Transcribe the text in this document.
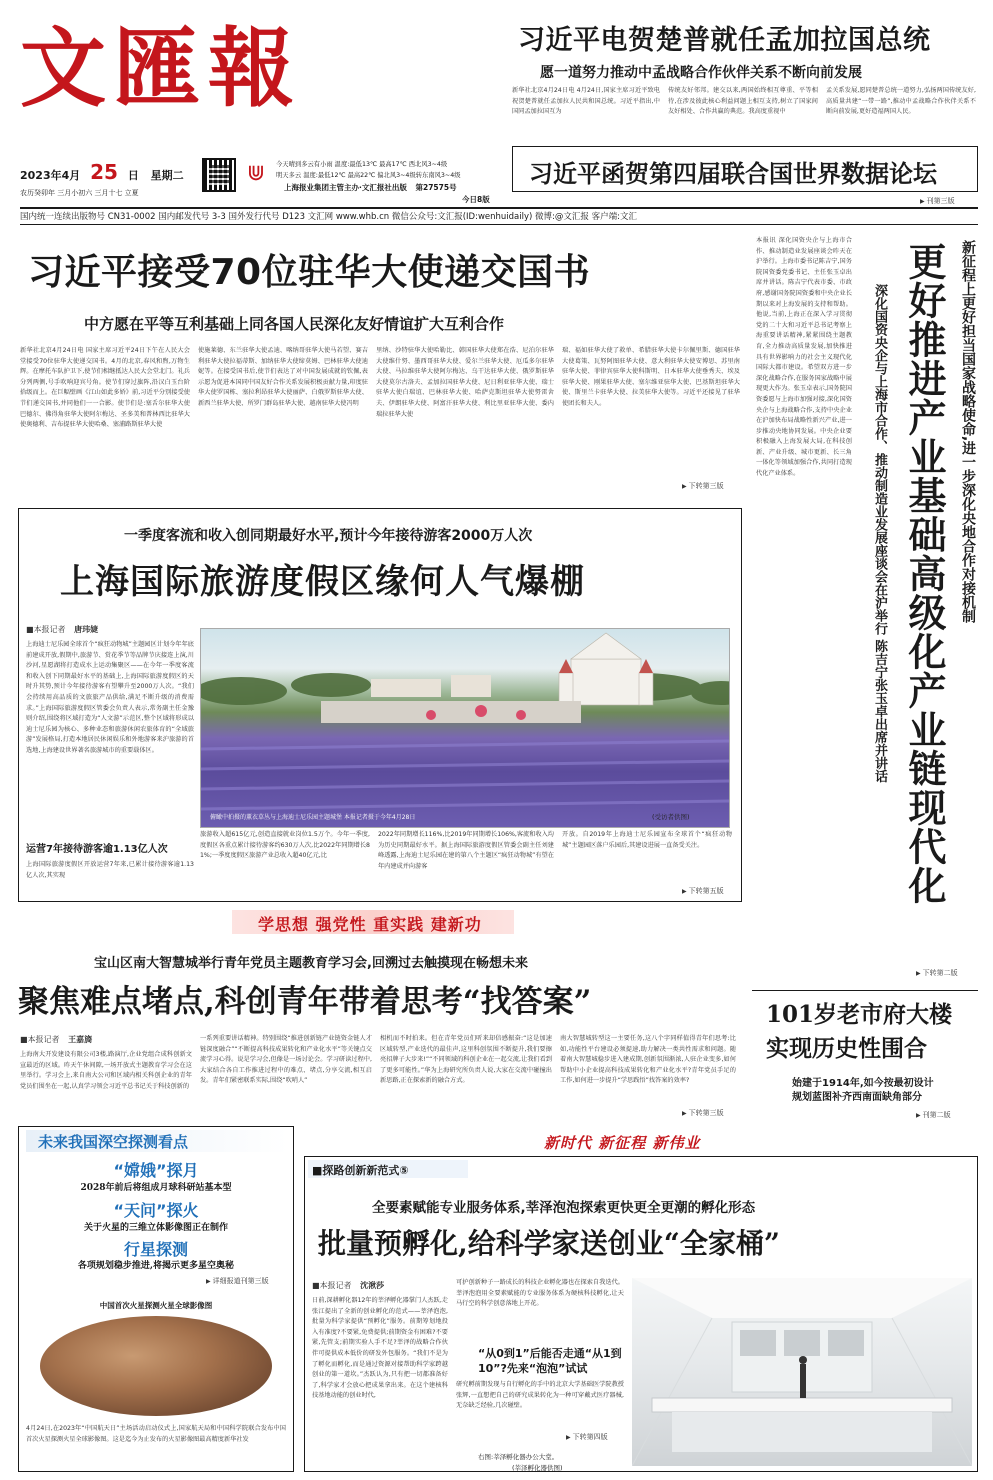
文匯報
2023年4月 25 日 星期二
农历癸卯年 三月小初六 三月十七 立夏
⋓	今天晴到多云有小雨 温度:最低13℃ 最高17℃ 西北风3~4级
明天多云 温度:最低12℃ 最高22℃ 偏北风3~4级转东南风3~4级
上海报业集团主管主办·文汇报社出版 第27575号
今日8版
习近平电贺楚普就任孟加拉国总统
愿一道努力推动中孟战略合作伙伴关系不断向前发展
新华社北京4月24日电 4月24日,国家主席习近平致电祝贺楚普就任孟加拉人民共和国总统。习近平指出,中国同孟加拉国互为
传统友好邻邦。建交以来,两国始终相互尊重、平等相待,在涉及彼此核心利益问题上相互支持,树立了国家间友好相处、合作共赢的典范。我高度重视中
孟关系发展,愿同楚普总统一道努力,弘扬两国传统友好,高质量共建“一带一路”,推动中孟战略合作伙伴关系不断向前发展,更好造福两国人民。
习近平函贺第四届联合国世界数据论坛
▶ 刊第三版
国内统一连续出版物号 CN31-0002 国内邮发代号 3-3 国外发行代号 D123 文汇网 www.whb.cn 微信公众号:文汇报(ID:wenhuidaily) 微博:@文汇报 客户端:文汇
习近平接受70位驻华大使递交国书
中方愿在平等互利基础上同各国人民深化友好情谊扩大互利合作
新华社北京4月24日电 国家主席习近平24日下午在人民大会堂接受70位驻华大使递交国书。4月的北京,春风和煦,万物生辉。在摩托车队护卫下,使节们相继抵达人民大会堂北门。礼兵分列两侧,号手吹响迎宾号角。使节们穿过旗阵,沿汉白玉台阶拾级而上。在巨幅壁画《江山如此多娇》前,习近平分别接受使节们递交国书,并同他们一一合影。使节们是:塞舌尔驻华大使巴德尔、佛得角驻华大使阿尔梅达、圣多美和普林西比驻华大使奥德利、吉布提驻华大使哈桑、塞浦路斯驻华大使
使施莱德、东兰驻华大使孟迪、喀纳哥驻华大使马若望、赛吉利驻华大使拉福蒂斯、加纳驻华大使缔莫姆、巴林驻华大使迪妮等。在接受国书后,使节们表达了对中国发展成就的钦佩,表示愿为促进本国同中国友好合作关系发展积极贡献力量,印度驻华大使罗国栋、塞拉利昂驻华大使丽萨、白俄罗斯驻华大使、新西兰驻华大使、所罗门群岛驻华大使、越南驻华大使冯明
里纳、沙特驻华大使哈勒比、韩国驻华大使郑在浩、尼泊尔驻华大使维什努、墨西哥驻华大使、爱尔兰驻华大使、厄瓜多尔驻华大使、马拉维驻华大使阿尔梅达、乌干达驻华大使、俄罗斯驻华大使莫尔古洛夫、孟加拉国驻华大使、尼日利亚驻华大使、瑞士驻华大使白瑞谊、巴林驻华大使、哈萨克斯坦驻华大使努雷舍夫、伊朗驻华大使、阿富汗驻华大使、利比里亚驻华大使、委内瑞拉驻华大使
瑞、福如驻华大使了救单、希腊驻华大使卡尔佩里斯、德国驻华大使葛策、瓦努阿图驻华大使、意大利驻华大使安博思、苏里南驻华大使、菲律宾驻华大使科斯明、日本驻华大使垂秀夫、埃及驻华大使、刚果驻华大使、塞尔维亚驻华大使、巴基斯坦驻华大使、斯里兰卡驻华大使、拉美驻华大使等。习近平还接见了驻华使团长和夫人。
▶ 下转第三版
一季度客流和收入创同期最好水平,预计今年接待游客2000万人次
上海国际旅游度假区缘何人气爆棚
■本报记者 唐玮婕
上海迪士尼乐园全球首个“疯狂动物城”主题园区计划今年年底前建成开放,假期中,旅游节、赏花季节等品牌节庆接连上演,川沙河,星愿湖将打造成水上运动集聚区——在今年一季度客流和收入创下同期最好水平的基础上,上海国际旅游度假区的天时升其势,预计今年接待游客有望攀升至2000万人次。“我们会持续用高品质的文旅旅产品供给,满足不断升级的消费需求。”上海国际旅游度假区管委会负责人表示,常务副主任金豫则介绍,围绕将区域打造为“人文游”示范区,整个区域将形成以迪士尼乐园为核心、多种业态和旅游休闲农旅体育的“全域旅游”发展格局,打造本地居民休闲娱乐和外地游客来沪旅游的首选地,上海建设世界著名旅游城市的重要载体区。
运营7年接待游客逾1.13亿人次
上海国际旅游度假区开放运营7年来,已累计接待游客逾1.13亿人次,其实现
俯瞰中拍摄的薰衣草丛与上海迪士尼乐园主题城堡 本报记者摄于今年4月28日	(受访者供图)
旅游收入超615亿元,创造直接就业岗位1.5万个。今年一季度,度假区各重点累计接待游客约630万人次,比2022年同期增长81%;一季度度假区旅游产业总收入超40亿元,比
2022年同期增长116%,比2019年同期增长106%,客流和收入均为历史同期最好水平。据上海国际旅游度假区管委会副主任刘建峰透露,上海迪士尼乐园在建的第八个主题区“疯狂动物城”有望在年内建成并向游客
开放。自2019年上海迪士尼乐园宣布全球首个“疯狂动物城”主题园区落户乐园后,其建设进展一直备受关注。
▶ 下转第五版
本报讯 深化国资央企与上海市合作、推动制造业发展座谈会昨天在沪举行。上海市委书记陈吉宁,国务院国资委党委书记、主任张玉卓出席并讲话。陈吉宁代表市委、市政府,感谢国务院国资委和中央企业长期以来对上海发展的支持和帮助。他说,当前,上海正在深入学习贯彻党的二十大和习近平总书记考察上海重要讲话精神,紧紧围绕主题教育,全力推动高质量发展,加快推进具有世界影响力的社会主义现代化国际大都市建设。希望双方进一步深化战略合作,在服务国家战略中展现更大作为。张玉卓表示,国务院国资委愿与上海市加强对接,深化国资央企与上海战略合作,支持中央企业在沪加快布局战略性新兴产业,进一步推动央地协同发展。中央企业要积极融入上海发展大局,在科技创新、产业升级、城市更新、长三角一体化等领域加强合作,共同打造现代化产业体系。	新征程上更好担当国家战略使命,进一步深化央地合作对接机制
更好推进产业基础高级化产业链现代化
深化国资央企与上海市合作、推动制造业发展座谈会在沪举行 陈吉宁张玉卓出席并讲话
▶ 下转第二版
学思想 强党性 重实践 建新功
宝山区南大智慧城举行青年党员主题教育学习会,回溯过去触摸现在畅想未来
聚焦难点堵点,科创青年带着思考“找答案”
■本报记者 王嘉旖
上海南大开发建设有限公司3楼,路演厅,企业党组合成科创新文宣最近的区域。昨天午休间隙,一场开放式主题教育学习会在这里举行。学习会上,来自南大公司和区域内相关科创企业的青年党员们围坐在一起,认真学习领会习近平总书记关于科技创新的
一系列重要讲话精神。特别围绕“推进创新链产业链资金链人才链深度融合”“不断提高科技成果转化和产业化水平”等关键点交流学习心得。说是学习会,但像是一场讨论会。学习研读过程中,大家结合各自工作推进过程中的难点、堵点,分享交流,相互启发。青年们紧密联系实际,围绕“吹哨人”
相机而不时拍来。但在青年党员们听来却倍感振奋:“这是加速区域转型,产业迭代的最佳声,这里科创氛围不断提升,我们要擦亮招牌子大步来!”“不同领域的科创企业在一起交流,让我们看到了更多可能性。”华为上海研究所负责人说,大家在交流中碰撞出新思路,正在探索新的融合方式。
南大智慧城转型这一主要任务,这八个字同样值得青年们思考:比如,功能性平台建设必须提速,助力解决一类共性需求和问题。随着南大智慧城稳步进入建成期,创新氛围渐浓,人驻企业变多,如何帮助中小企业提高科技成果转化和产业化水平?青年党员手足的工作,如何进一步提升“学思践悟”找答案的效率?
▶ 下转第三版
101岁老市府大楼
实现历史性围合
始建于1914年,如今按最初设计
规划蓝图补齐西南面缺角部分
▶ 刊第二版
未来我国深空探测看点
“嫦娥”探月
2028年前后将组成月球科研站基本型
“天问”探火
关于火星的三维立体影像图正在制作
行星探测
各项规划稳步推进,将揭示更多星空奥秘
▶ 详细报道刊第三版
中国首次火星探测火星全球影像图
4月24日,在2023年“中国航天日”主场活动启动仪式上,国家航天局和中国科学院联合发布中国首次火星探测火星全球影像图。这是迄今为止发布的火星影像图最高精度新华社发
新时代 新征程 新伟业
■探路创新新范式⑤
全要素赋能专业服务体系,莘泽泡泡探索更快更全更潮的孵化形态
批量预孵化,给科学家送创业“全家桶”
■本报记者 沈湫莎
日前,深耕孵化器12年的莘泽孵化器掌门人杰跃,走张江提出了全新的创业孵化的范式——莘泽泡泡,批量为科学家提供“预孵化”服务。前期筹划地投入有准度?不要紧,免费提供;前期资金有困难?不要紧,先管支;前期实验人手不足?莘泽的战略合作伙伴可提供成本低价的研发外包服务。“我们不是为了孵化而孵化,而是通过资源对接帮助科学家跨越创业的第一道坎。”杰跃认为,只有把一切都准备好了,科学家才会放心把成果拿出来。在这个建核科技基地动能的创业时代,
可护创新种子一路成长的科技企业孵化器也在探索自我迭代。莘泽泡泡用全要素赋能的专业服务体系为硬核科技孵化,让天马行空的科学创意落地上开花。
“从0到1”后能否走通“从1到10”?先来“泡泡”试试
研究孵前期发现与自行孵化的手中的北京大学基础医学院教授张辉,一直想把自己的研究成果转化为一种可穿戴式医疗器械,无奈缺乏经验,几次碰壁。
▶ 下转第四版
右图:莘泽孵化器办公大堂。
(莘泽孵化器供图)
